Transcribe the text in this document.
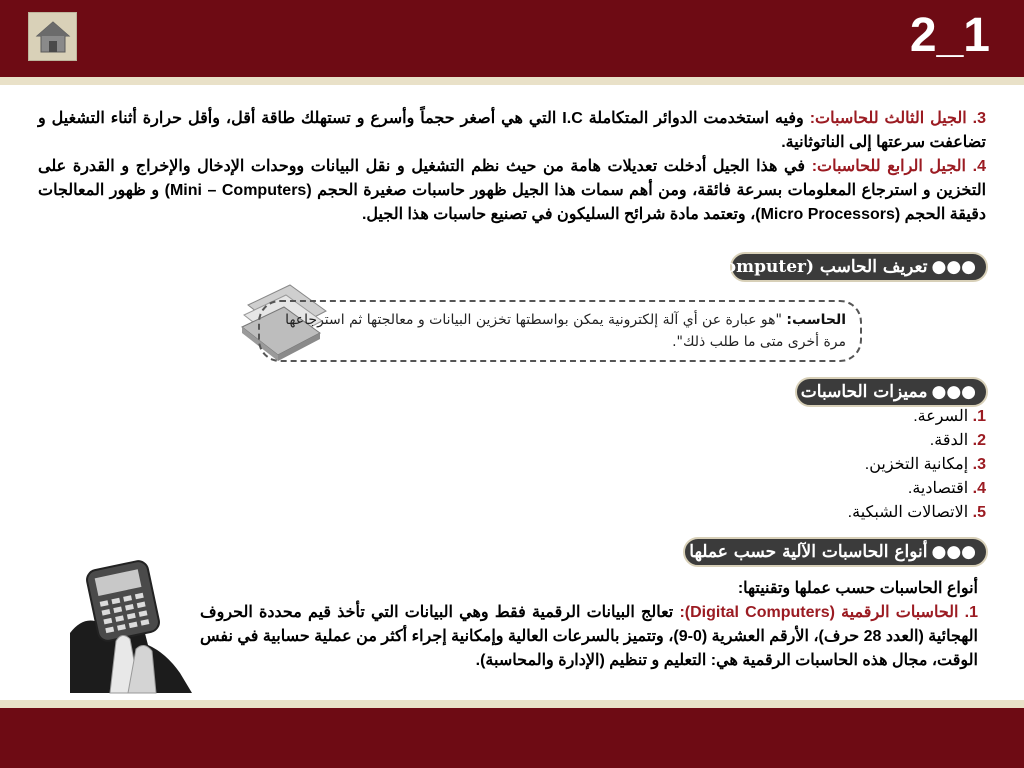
2_1

3. الجيل الثالث للحاسبات: وفيه استخدمت الدوائر المتكاملة I.C التي هي أصغر حجماً وأسرع و تستهلك طاقة أقل، وأقل حرارة أثناء التشغيل و تضاعفت سرعتها إلى الناتوثانية.

4. الجيل الرابع للحاسبات: في هذا الجيل أدخلت تعديلات هامة من حيث نظم التشغيل و نقل البيانات ووحدات الإدخال والإخراج و القدرة على التخزين و استرجاع المعلومات بسرعة فائقة، ومن أهم سمات هذا الجيل ظهور حاسبات صغيرة الحجم (Mini – Computers) و ظهور المعالجات دقيقة الحجم (Micro Processors)، وتعتمد مادة شرائح السليكون في تصنيع حاسبات هذا الجيل.

●●●تعريف الحاسب (Computer):
الحاسب: "هو عبارة عن أي آلة إلكترونية يمكن بواسطتها تخزين البيانات و معالجتها ثم استرجاعها مرة أخرى متى ما طلب ذلك".
●●●مميزات الحاسبات الآلية:
1. السرعة.
2. الدقة.
3. إمكانية التخزين.
4. اقتصادية.
5. الاتصالات الشبكية.
●●●أنواع الحاسبات الآلية حسب عملها وتقنيتها:

أنواع الحاسبات حسب عملها وتقنيتها:

1. الحاسبات الرقمية (Digital Computers): تعالج البيانات الرقمية فقط وهي البيانات التي تأخذ قيم محددة الحروف الهجائية (العدد 28 حرف)، الأرقم العشرية (0-9)، وتتميز بالسرعات العالية وإمكانية إجراء أكثر من عملية حسابية في نفس الوقت، مجال هذه الحاسبات الرقمية هي: التعليم و تنظيم (الإدارة والمحاسبة).
